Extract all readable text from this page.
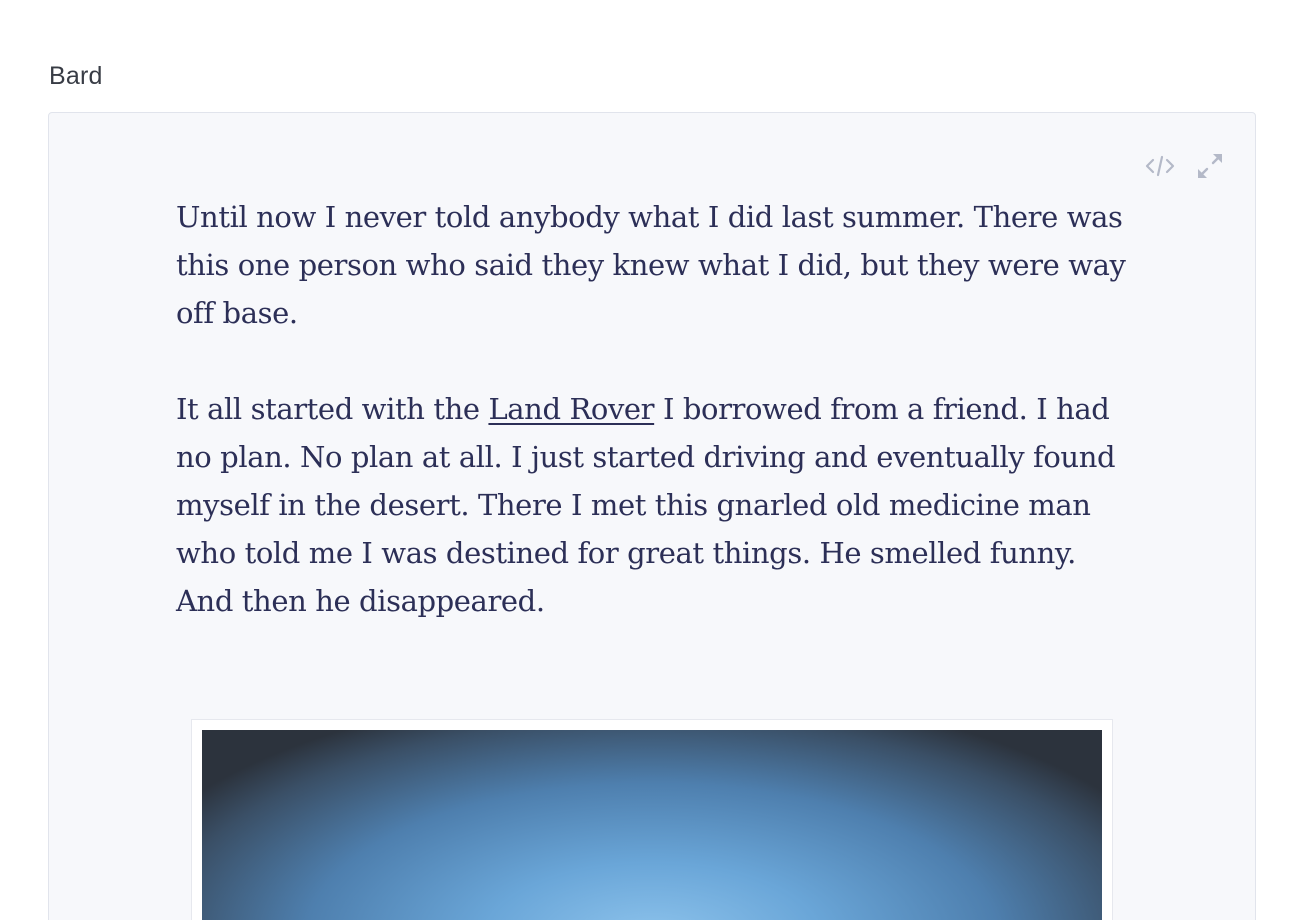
Bard

Until now I never told anybody what I did last summer. There was this one person who said they knew what I did, but they were way off base.

It all started with the Land Rover I borrowed from a friend. I had no plan. No plan at all. I just started driving and eventually found myself in the desert. There I met this gnarled old medicine man who told me I was destined for great things. He smelled funny. And then he disappeared.
